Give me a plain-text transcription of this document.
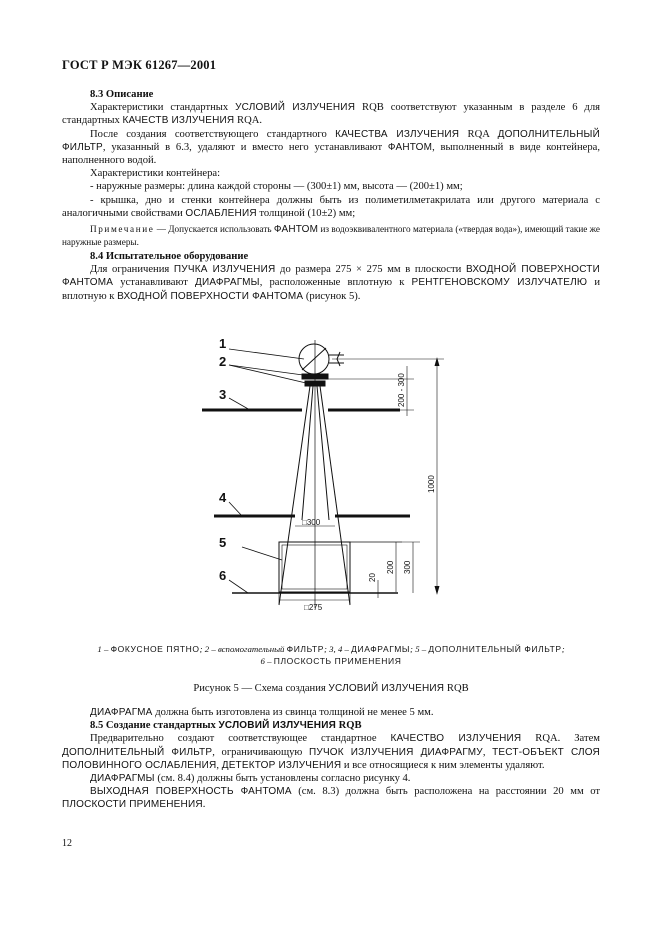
ГОСТ Р МЭК 61267—2001

8.3 Описание

Характеристики стандартных УСЛОВИЙ ИЗЛУЧЕНИЯ RQB соответствуют указанным в разделе 6 для стандартных КАЧЕСТВ ИЗЛУЧЕНИЯ RQA.

После создания соответствующего стандартного КАЧЕСТВА ИЗЛУЧЕНИЯ RQA ДОПОЛНИТЕЛЬНЫЙ ФИЛЬТР, указанный в 6.3, удаляют и вместо него устанавливают ФАНТОМ, выполненный в виде контейнера, наполненного водой.

Характеристики контейнера:

- наружные размеры: длина каждой стороны — (300±1) мм, высота — (200±1) мм;

- крышка, дно и стенки контейнера должны быть из полиметилметакрилата или другого материала с аналогичными свойствами ОСЛАБЛЕНИЯ толщиной (10±2) мм;

Примечание — Допускается использовать ФАНТОМ из водоэквивалентного материала («твердая вода»), имеющий такие же наружные размеры.

8.4 Испытательное оборудование

Для ограничения ПУЧКА ИЗЛУЧЕНИЯ до размера 275 × 275 мм в плоскости ВХОДНОЙ ПОВЕРХНОСТИ ФАНТОМА устанавливают ДИАФРАГМЫ, расположенные вплотную к РЕНТГЕНОВСКОМУ ИЗЛУЧАТЕЛЮ и вплотную к ВХОДНОЙ ПОВЕРХНОСТИ ФАНТОМА (рисунок 5).

1
2
3
4
5
6
200 - 300
1000
300
200
20
□300
□275
1 – ФОКУСНОЕ ПЯТНО; 2 – вспомогательный ФИЛЬТР; 3, 4 – ДИАФРАГМЫ; 5 – ДОПОЛНИТЕЛЬНЫЙ ФИЛЬТР;
6 – ПЛОСКОСТЬ ПРИМЕНЕНИЯ
Рисунок 5 — Схема создания УСЛОВИЙ ИЗЛУЧЕНИЯ RQB

ДИАФРАГМА должна быть изготовлена из свинца толщиной не менее 5 мм.

8.5 Создание стандартных УСЛОВИЙ ИЗЛУЧЕНИЯ RQB

Предварительно создают соответствующее стандартное КАЧЕСТВО ИЗЛУЧЕНИЯ RQA. Затем ДОПОЛНИТЕЛЬНЫЙ ФИЛЬТР, ограничивающую ПУЧОК ИЗЛУЧЕНИЯ ДИАФРАГМУ, ТЕСТ-ОБЪЕКТ СЛОЯ ПОЛОВИННОГО ОСЛАБЛЕНИЯ, ДЕТЕКТОР ИЗЛУЧЕНИЯ и все относящиеся к ним элементы удаляют.

ДИАФРАГМЫ (см. 8.4) должны быть установлены согласно рисунку 4.

ВЫХОДНАЯ ПОВЕРХНОСТЬ ФАНТОМА (см. 8.3) должна быть расположена на расстоянии 20 мм от ПЛОСКОСТИ ПРИМЕНЕНИЯ.

12
